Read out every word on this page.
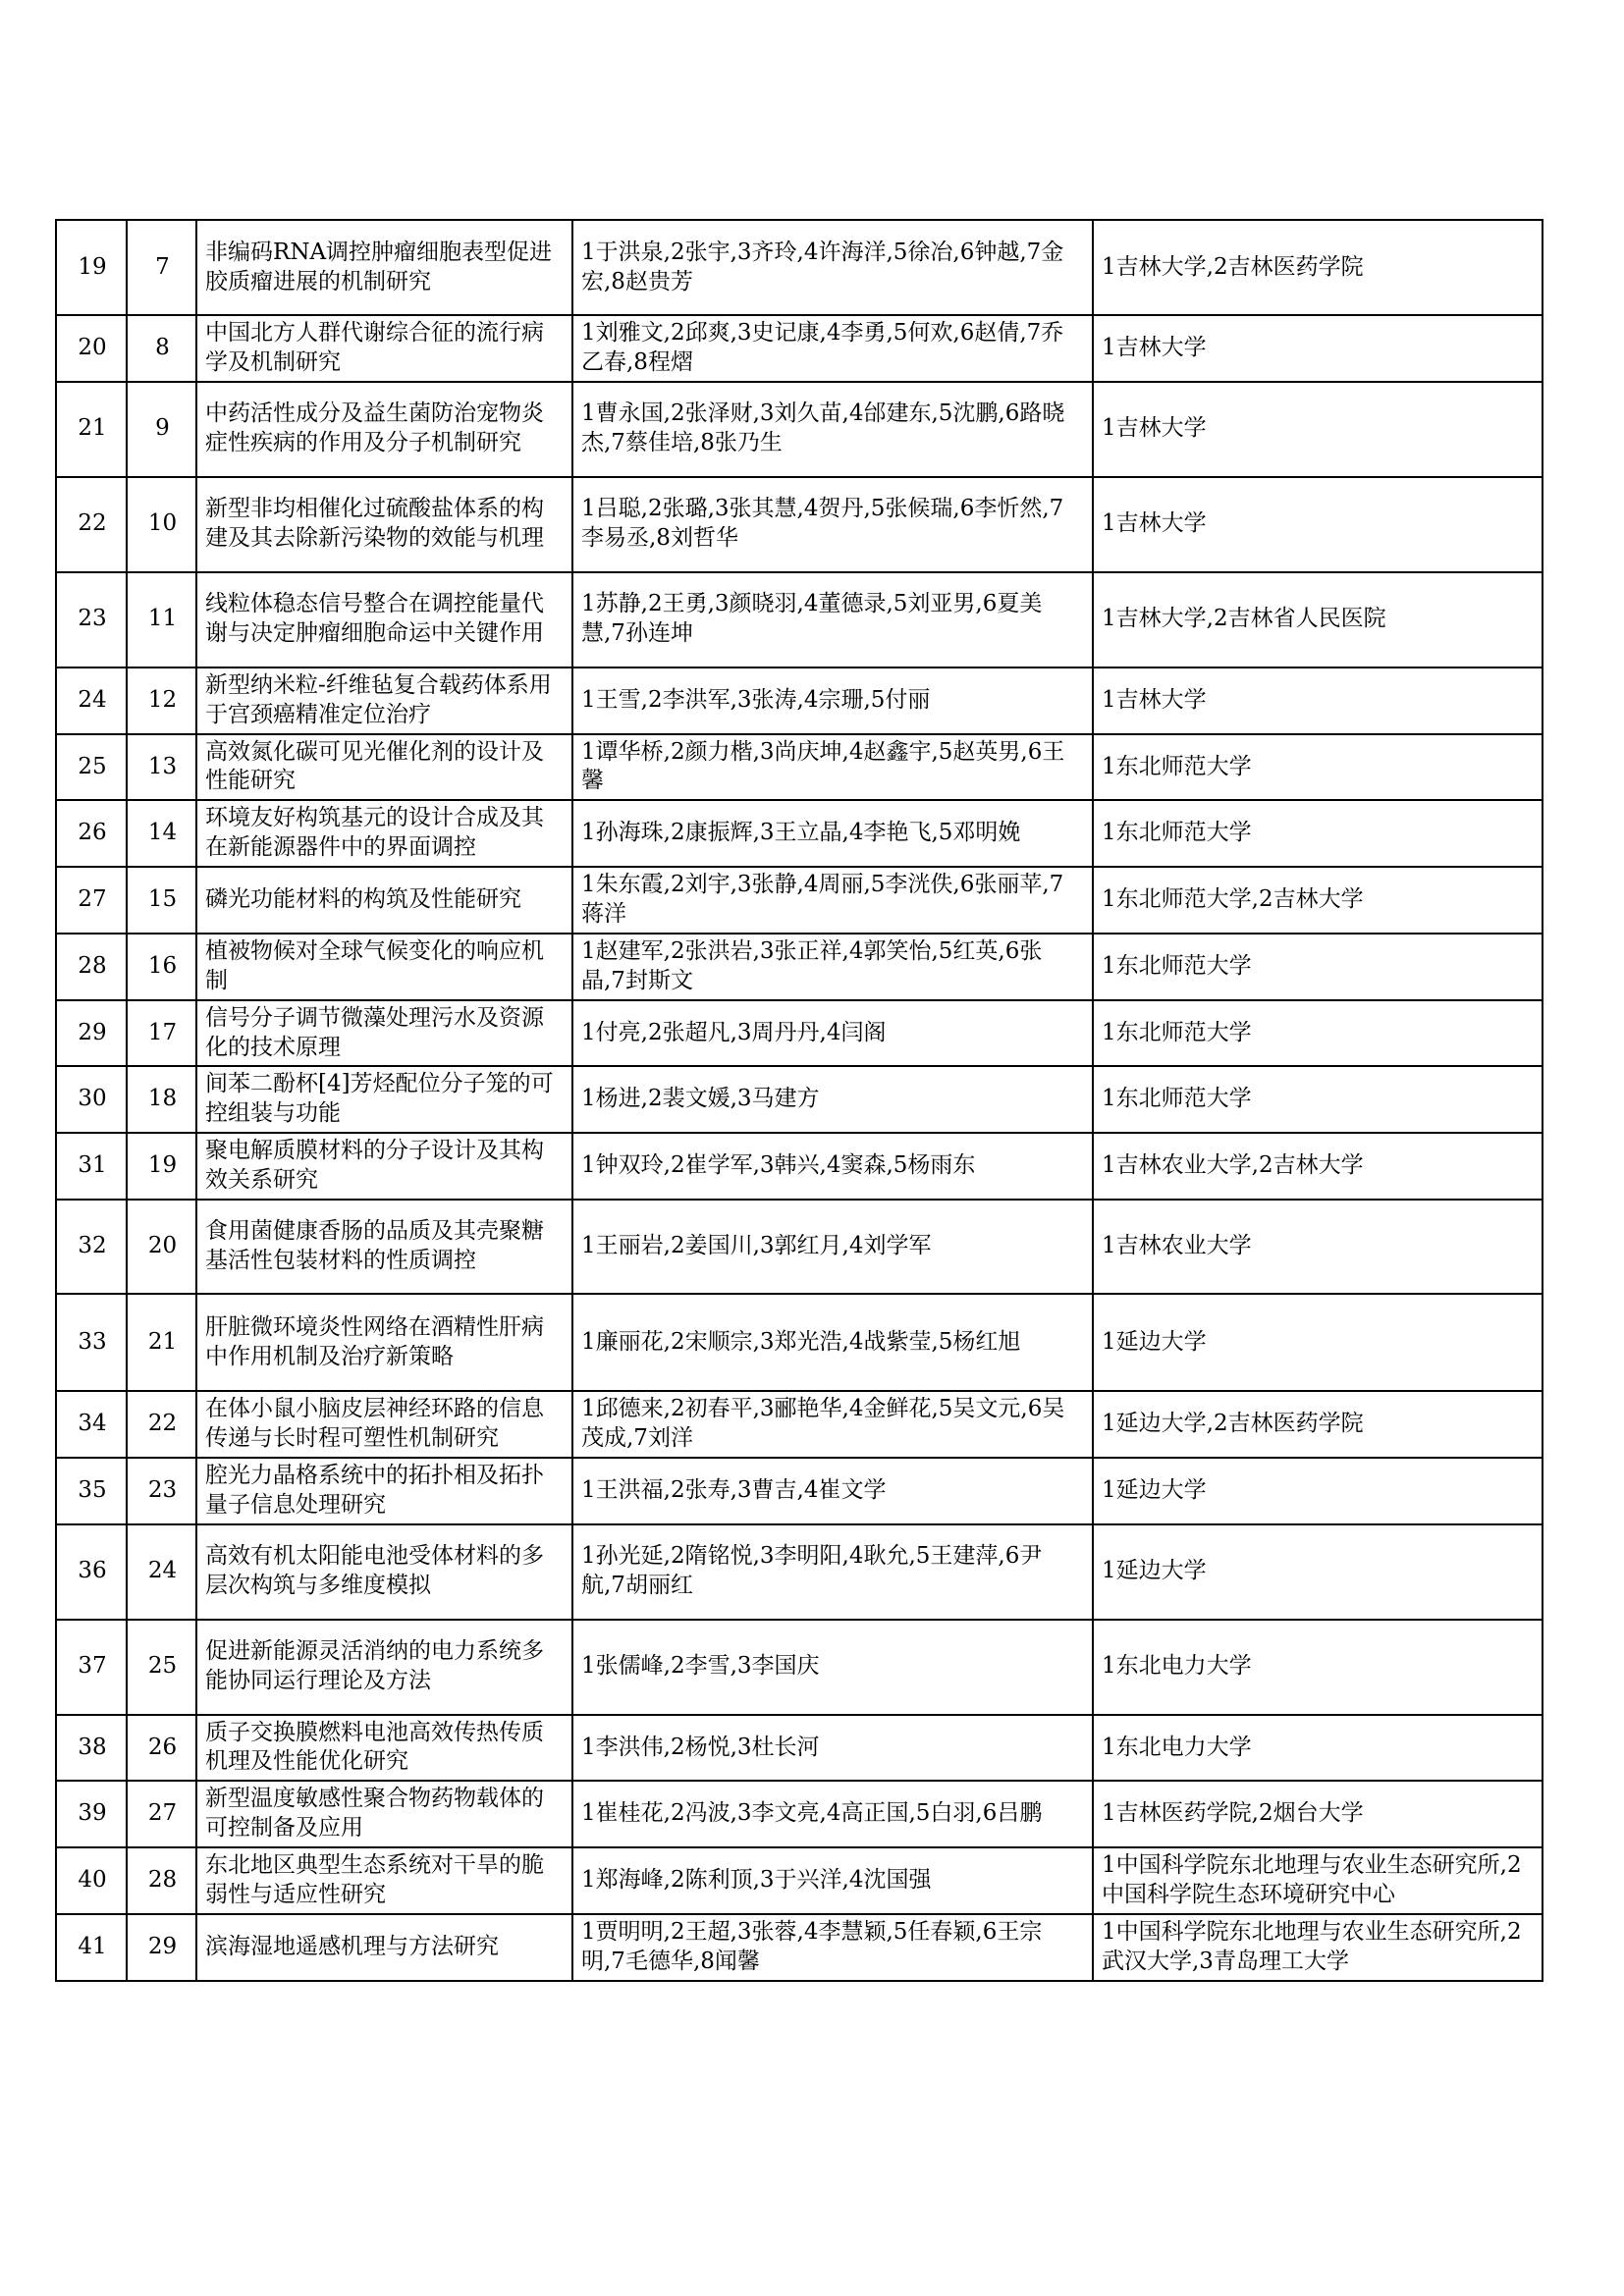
19	7	非编码RNA调控肿瘤细胞表型促进胶质瘤进展的机制研究	1于洪泉,2张宇,3齐玲,4许海洋,5徐冶,6钟越,7金宏,8赵贵芳	1吉林大学,2吉林医药学院

20	8	中国北方人群代谢综合征的流行病学及机制研究	1刘雅文,2邱爽,3史记康,4李勇,5何欢,6赵倩,7乔乙春,8程熠	1吉林大学

21	9	中药活性成分及益生菌防治宠物炎症性疾病的作用及分子机制研究	1曹永国,2张泽财,3刘久苗,4邰建东,5沈鹏,6路晓杰,7蔡佳培,8张乃生	1吉林大学

22	10	新型非均相催化过硫酸盐体系的构建及其去除新污染物的效能与机理	1吕聪,2张璐,3张其慧,4贺丹,5张候瑞,6李忻然,7李易丞,8刘哲华	1吉林大学

23	11	线粒体稳态信号整合在调控能量代谢与决定肿瘤细胞命运中关键作用	1苏静,2王勇,3颜晓羽,4董德录,5刘亚男,6夏美慧,7孙连坤	1吉林大学,2吉林省人民医院

24	12	新型纳米粒-纤维毡复合载药体系用于宫颈癌精准定位治疗	1王雪,2李洪军,3张涛,4宗珊,5付丽	1吉林大学

25	13	高效氮化碳可见光催化剂的设计及性能研究	1谭华桥,2颜力楷,3尚庆坤,4赵鑫宇,5赵英男,6王馨	1东北师范大学

26	14	环境友好构筑基元的设计合成及其在新能源器件中的界面调控	1孙海珠,2康振辉,3王立晶,4李艳飞,5邓明娩	1东北师范大学

27	15	磷光功能材料的构筑及性能研究	1朱东霞,2刘宇,3张静,4周丽,5李洸佚,6张丽苹,7蒋洋	1东北师范大学,2吉林大学

28	16	植被物候对全球气候变化的响应机制	1赵建军,2张洪岩,3张正祥,4郭笑怡,5红英,6张晶,7封斯文	1东北师范大学

29	17	信号分子调节微藻处理污水及资源化的技术原理	1付亮,2张超凡,3周丹丹,4闫阁	1东北师范大学

30	18	间苯二酚杯[4]芳烃配位分子笼的可控组装与功能	1杨进,2裴文媛,3马建方	1东北师范大学

31	19	聚电解质膜材料的分子设计及其构效关系研究	1钟双玲,2崔学军,3韩兴,4窦森,5杨雨东	1吉林农业大学,2吉林大学

32	20	食用菌健康香肠的品质及其壳聚糖基活性包装材料的性质调控	1王丽岩,2姜国川,3郭红月,4刘学军	1吉林农业大学

33	21	肝脏微环境炎性网络在酒精性肝病中作用机制及治疗新策略	1廉丽花,2宋顺宗,3郑光浩,4战紫莹,5杨红旭	1延边大学

34	22	在体小鼠小脑皮层神经环路的信息传递与长时程可塑性机制研究	1邱德来,2初春平,3郦艳华,4金鲜花,5吴文元,6吴茂成,7刘洋	1延边大学,2吉林医药学院

35	23	腔光力晶格系统中的拓扑相及拓扑量子信息处理研究	1王洪福,2张寿,3曹吉,4崔文学	1延边大学

36	24	高效有机太阳能电池受体材料的多层次构筑与多维度模拟	1孙光延,2隋铭悦,3李明阳,4耿允,5王建萍,6尹航,7胡丽红	1延边大学

37	25	促进新能源灵活消纳的电力系统多能协同运行理论及方法	1张儒峰,2李雪,3李国庆	1东北电力大学

38	26	质子交换膜燃料电池高效传热传质机理及性能优化研究	1李洪伟,2杨悦,3杜长河	1东北电力大学

39	27	新型温度敏感性聚合物药物载体的可控制备及应用	1崔桂花,2冯波,3李文亮,4高正国,5白羽,6吕鹏	1吉林医药学院,2烟台大学

40	28	东北地区典型生态系统对干旱的脆弱性与适应性研究	1郑海峰,2陈利顶,3于兴洋,4沈国强	1中国科学院东北地理与农业生态研究所,2中国科学院生态环境研究中心

41	29	滨海湿地遥感机理与方法研究	1贾明明,2王超,3张蓉,4李慧颖,5任春颖,6王宗明,7毛德华,8闻馨	1中国科学院东北地理与农业生态研究所,2武汉大学,3青岛理工大学
